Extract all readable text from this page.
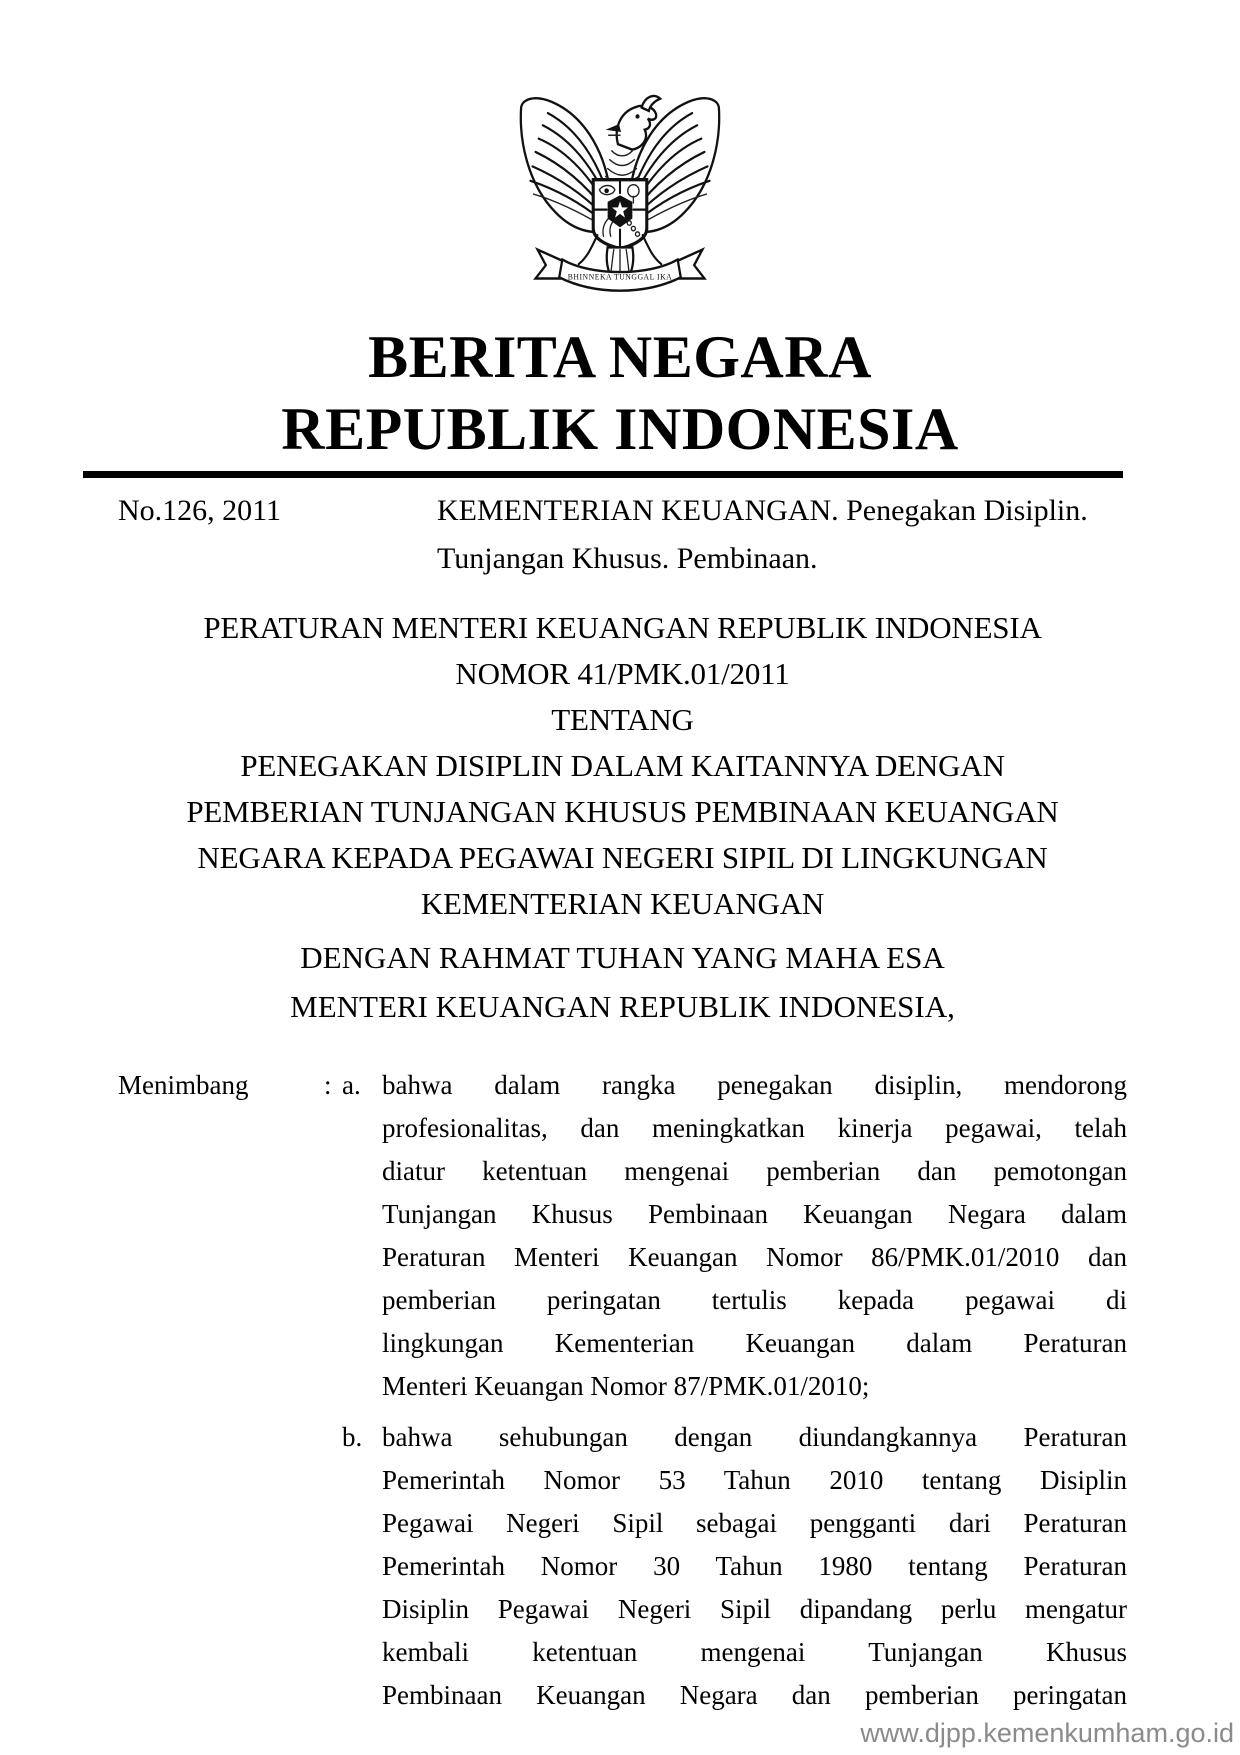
BHINNEKA TUNGGAL IKA
BERITA NEGARA
REPUBLIK INDONESIA
No.126, 2011	KEMENTERIAN KEUANGAN. Penegakan Disiplin.
Tunjangan Khusus. Pembinaan.
PERATURAN MENTERI KEUANGAN REPUBLIK INDONESIA
NOMOR 41/PMK.01/2011
TENTANG
PENEGAKAN DISIPLIN DALAM KAITANNYA DENGAN
PEMBERIAN TUNJANGAN KHUSUS PEMBINAAN KEUANGAN
NEGARA KEPADA PEGAWAI NEGERI SIPIL DI LINGKUNGAN
KEMENTERIAN KEUANGAN
DENGAN RAHMAT TUHAN YANG MAHA ESA
MENTERI KEUANGAN REPUBLIK INDONESIA,
Menimbang	: a. bahwa dalam rangka penegakan disiplin, mendorong
profesionalitas, dan meningkatkan kinerja pegawai, telah
diatur ketentuan mengenai pemberian dan pemotongan
Tunjangan Khusus Pembinaan Keuangan Negara dalam
Peraturan Menteri Keuangan Nomor 86/PMK.01/2010 dan
pemberian peringatan tertulis kepada pegawai di
lingkungan Kementerian Keuangan dalam Peraturan
Menteri Keuangan Nomor 87/PMK.01/2010;
b. bahwa sehubungan dengan diundangkannya Peraturan
Pemerintah Nomor 53 Tahun 2010 tentang Disiplin
Pegawai Negeri Sipil sebagai pengganti dari Peraturan
Pemerintah Nomor 30 Tahun 1980 tentang Peraturan
Disiplin Pegawai Negeri Sipil dipandang perlu mengatur
kembali ketentuan mengenai Tunjangan Khusus
Pembinaan Keuangan Negara dan pemberian peringatan
www.djpp.kemenkumham.go.id
